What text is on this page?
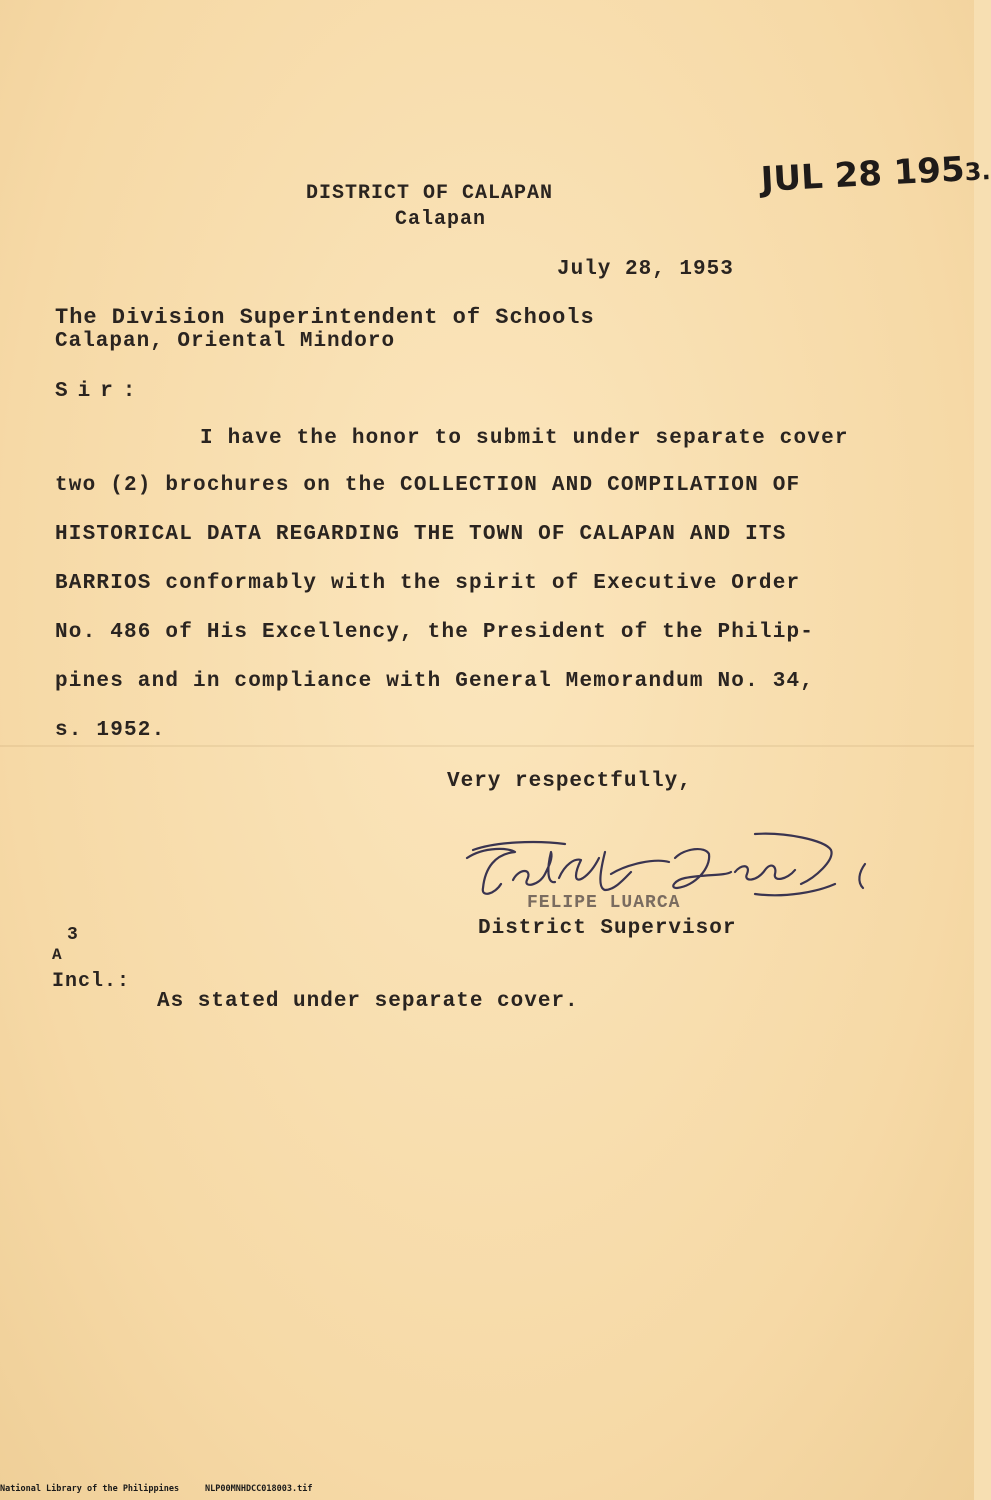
JUL 28 1953.
DISTRICT OF CALAPAN
Calapan
July 28, 1953
The Division Superintendent of Schools
Calapan, Oriental Mindoro
Sir:
I have the honor to submit under separate cover
two (2) brochures on the COLLECTION AND COMPILATION OF
HISTORICAL DATA REGARDING THE TOWN OF CALAPAN AND ITS
BARRIOS conformably with the spirit of Executive Order
No. 486 of His Excellency, the President of the Philip-
pines and in compliance with General Memorandum No. 34,
s. 1952.
Very respectfully,
FELIPE LUARCA
District Supervisor
3
A
Incl.:
As stated under separate cover.
National Library of the Philippines	NLP00MNHDCC018003.tif
